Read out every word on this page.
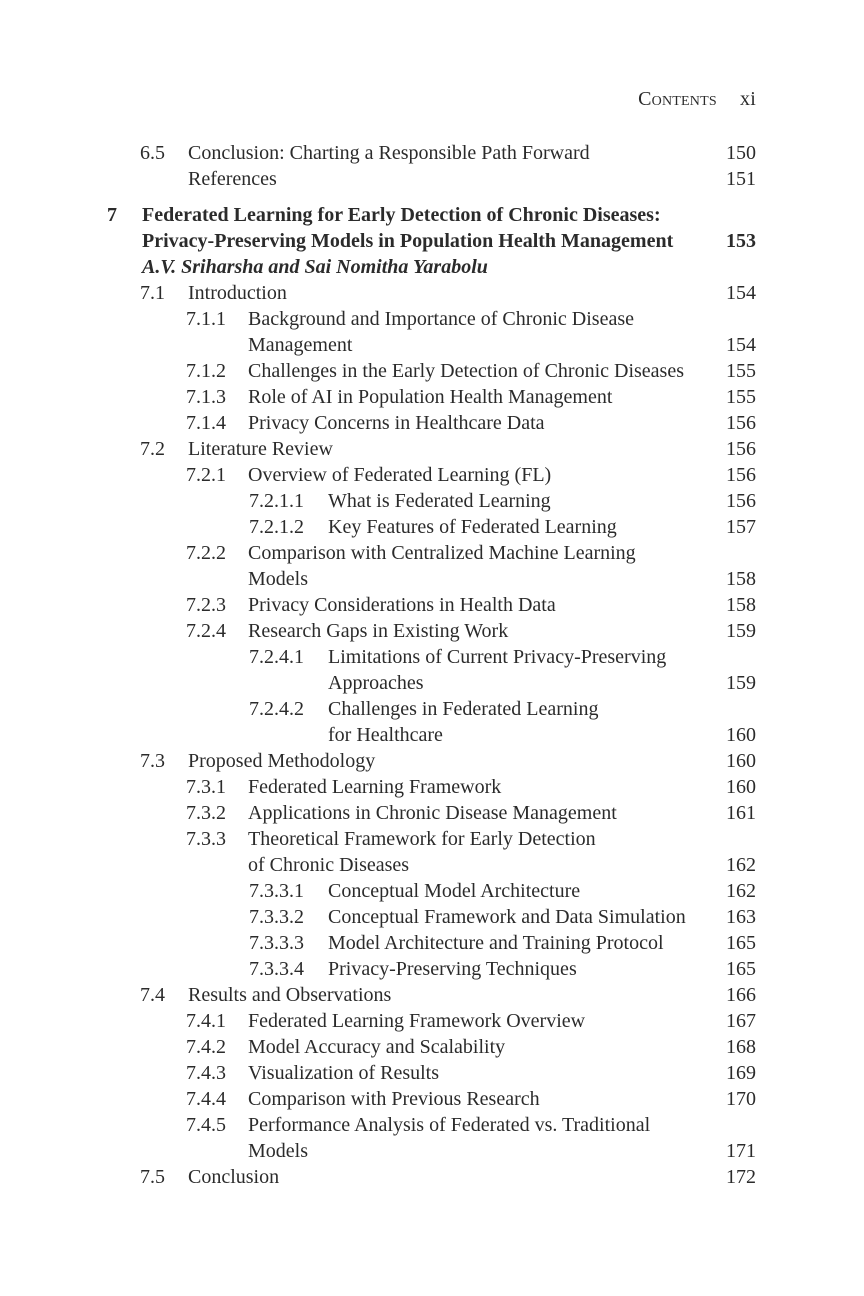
Contents xi
6.5 Conclusion: Charting a Responsible Path Forward	150
References	151
7 Federated Learning for Early Detection of Chronic Diseases:
Privacy-Preserving Models in Population Health Management	153
A.V. Sriharsha and Sai Nomitha Yarabolu
7.1 Introduction	154
7.1.1 Background and Importance of Chronic Disease
Management	154
7.1.2 Challenges in the Early Detection of Chronic Diseases 155
7.1.3 Role of AI in Population Health Management	155
7.1.4 Privacy Concerns in Healthcare Data	156
7.2 Literature Review	156
7.2.1 Overview of Federated Learning (FL)	156
7.2.1.1 What is Federated Learning	156
7.2.1.2 Key Features of Federated Learning	157
7.2.2 Comparison with Centralized Machine Learning
Models	158
7.2.3 Privacy Considerations in Health Data	158
7.2.4 Research Gaps in Existing Work	159
7.2.4.1 Limitations of Current Privacy-Preserving
Approaches	159
7.2.4.2 Challenges in Federated Learning
for Healthcare	160
7.3 Proposed Methodology	160
7.3.1 Federated Learning Framework	160
7.3.2 Applications in Chronic Disease Management	161
7.3.3 Theoretical Framework for Early Detection
of Chronic Diseases	162
7.3.3.1 Conceptual Model Architecture	162
7.3.3.2 Conceptual Framework and Data Simulation 163
7.3.3.3 Model Architecture and Training Protocol	165
7.3.3.4 Privacy-Preserving Techniques	165
7.4 Results and Observations	166
7.4.1 Federated Learning Framework Overview	167
7.4.2 Model Accuracy and Scalability	168
7.4.3 Visualization of Results	169
7.4.4 Comparison with Previous Research	170
7.4.5 Performance Analysis of Federated vs. Traditional
Models	171
7.5 Conclusion	172
